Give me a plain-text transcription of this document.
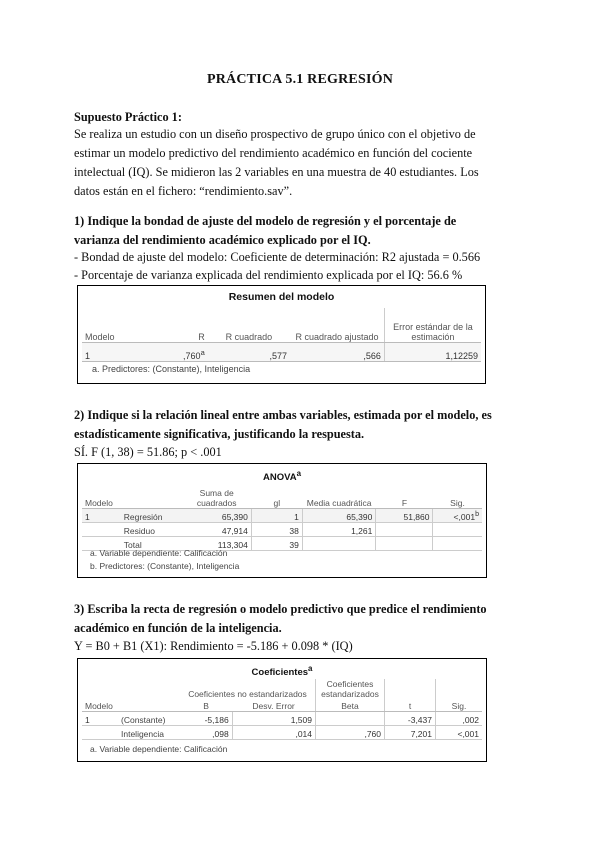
PRÁCTICA 5.1 REGRESIÓN
Supuesto Práctico 1:
Se realiza un estudio con un diseño prospectivo de grupo único con el objetivo de
estimar un modelo predictivo del rendimiento académico en función del cociente
intelectual (IQ). Se midieron las 2 variables en una muestra de 40 estudiantes. Los
datos están en el fichero: “rendimiento.sav”.
1) Indique la bondad de ajuste del modelo de regresión y el porcentaje de
varianza del rendimiento académico explicado por el IQ.
- Bondad de ajuste del modelo: Coeficiente de determinación: R2 ajustada = 0.566
- Porcentaje de varianza explicada del rendimiento explicada por el IQ: 56.6 %
Resumen del modelo
Modelo	R	R cuadrado	R cuadrado ajustado	Error estándar de la estimación
1	,760$^a$	,577	,566	1,12259
a. Predictores: (Constante), Inteligencia
2) Indique si la relación lineal entre ambas variables, estimada por el modelo, es
estadísticamente significativa, justificando la respuesta.
SÍ. F (1, 38) = 51.86; p < .001
ANOVA$^a$
Modelo		Suma de cuadrados	gl	Media cuadrática	F	Sig.
1	Regresión	65,390	1	65,390	51,860	<,001$^b$
	Residuo	47,914	38	1,261		
	Total	113,304	39			
a. Variable dependiente: Calificación
b. Predictores: (Constante), Inteligencia
3) Escriba la recta de regresión o modelo predictivo que predice el rendimiento
académico en función de la inteligencia.
Y = B0 + B1 (X1): Rendimiento = -5.186 + 0.098 * (IQ)
Coeficientes$^a$
		Coeficientes no estandarizados		Coeficientes estandarizados		
Modelo		B	Desv. Error	Beta	t	Sig.
1	(Constante)	-5,186	1,509		-3,437	,002
	Inteligencia	,098	,014	,760	7,201	<,001
a. Variable dependiente: Calificación
